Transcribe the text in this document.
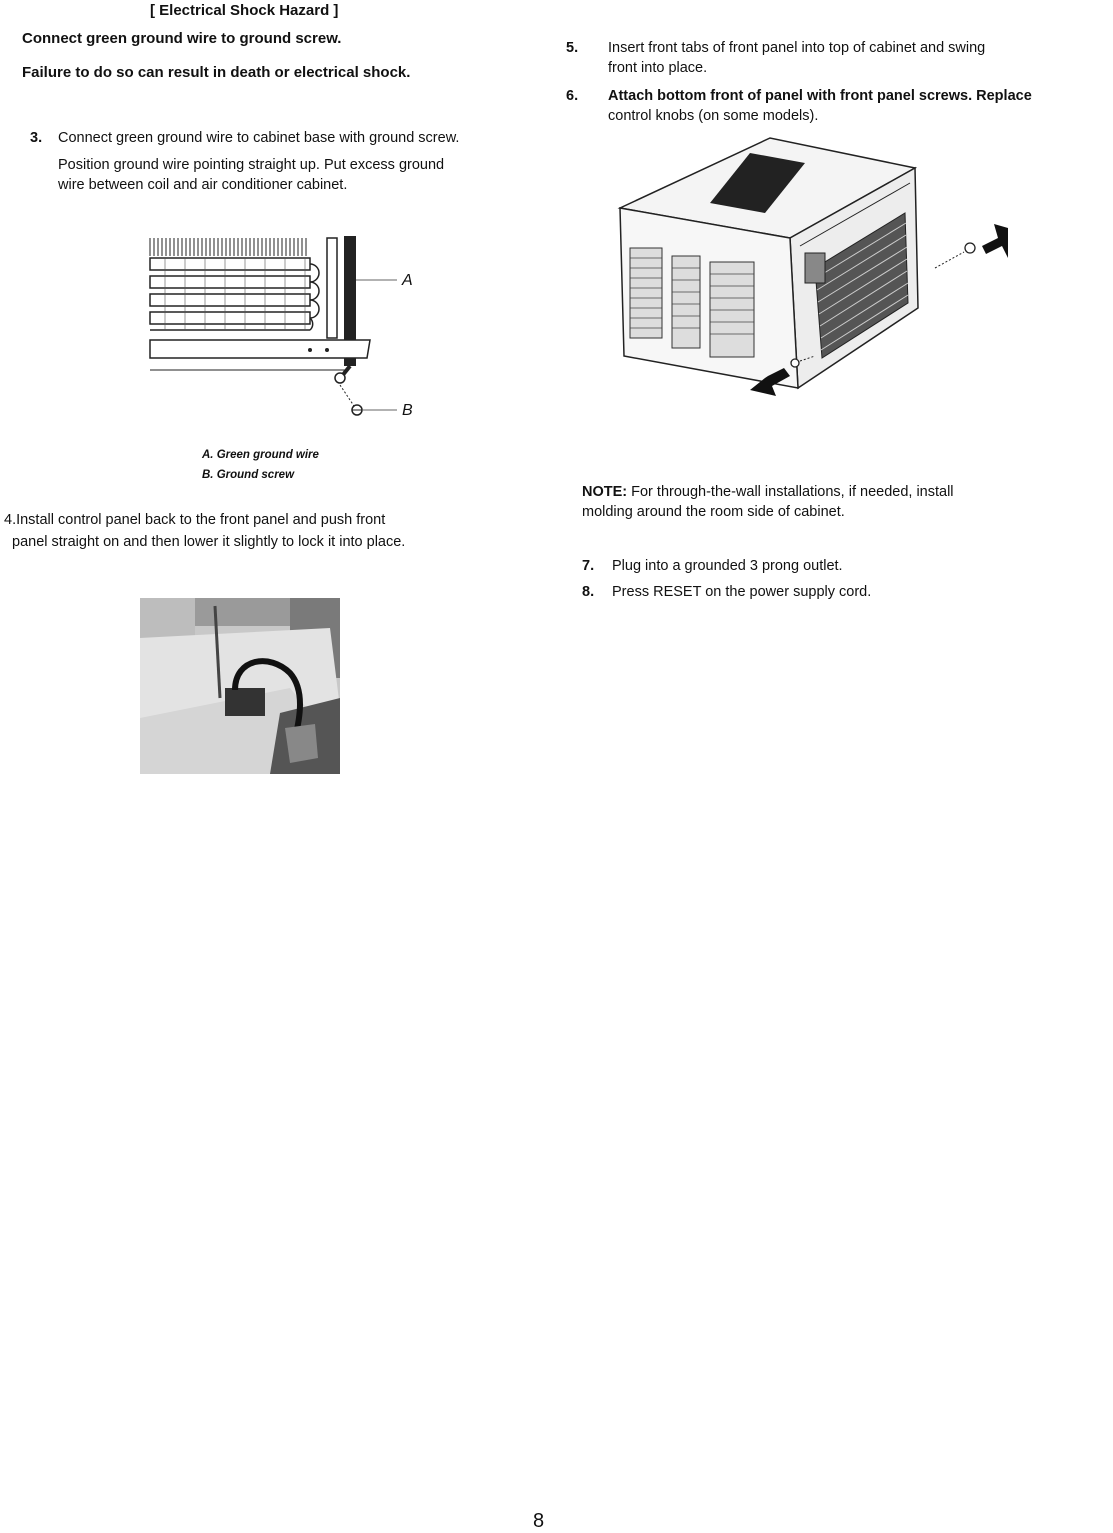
[ Electrical Shock Hazard ]
Connect green ground wire to ground screw.
Failure to do so can result in death or electrical shock.
3. Connect green ground wire to cabinet base with ground screw.
Position ground wire pointing straight up. Put excess ground
wire between coil and air conditioner cabinet.
A
B
A. Green ground wire
B. Ground screw
4.Install control panel back to the front panel and push front
panel straight on and then lower it slightly to lock it into place.
5. Insert front tabs of front panel into top of cabinet and swing
front into place.
6. Attach bottom front of panel with front panel screws. Replace
control knobs (on some models).
NOTE: For through-the-wall installations, if needed, install
molding around the room side of cabinet.
7. Plug into a grounded 3 prong outlet.
8. Press RESET on the power supply cord.
8
